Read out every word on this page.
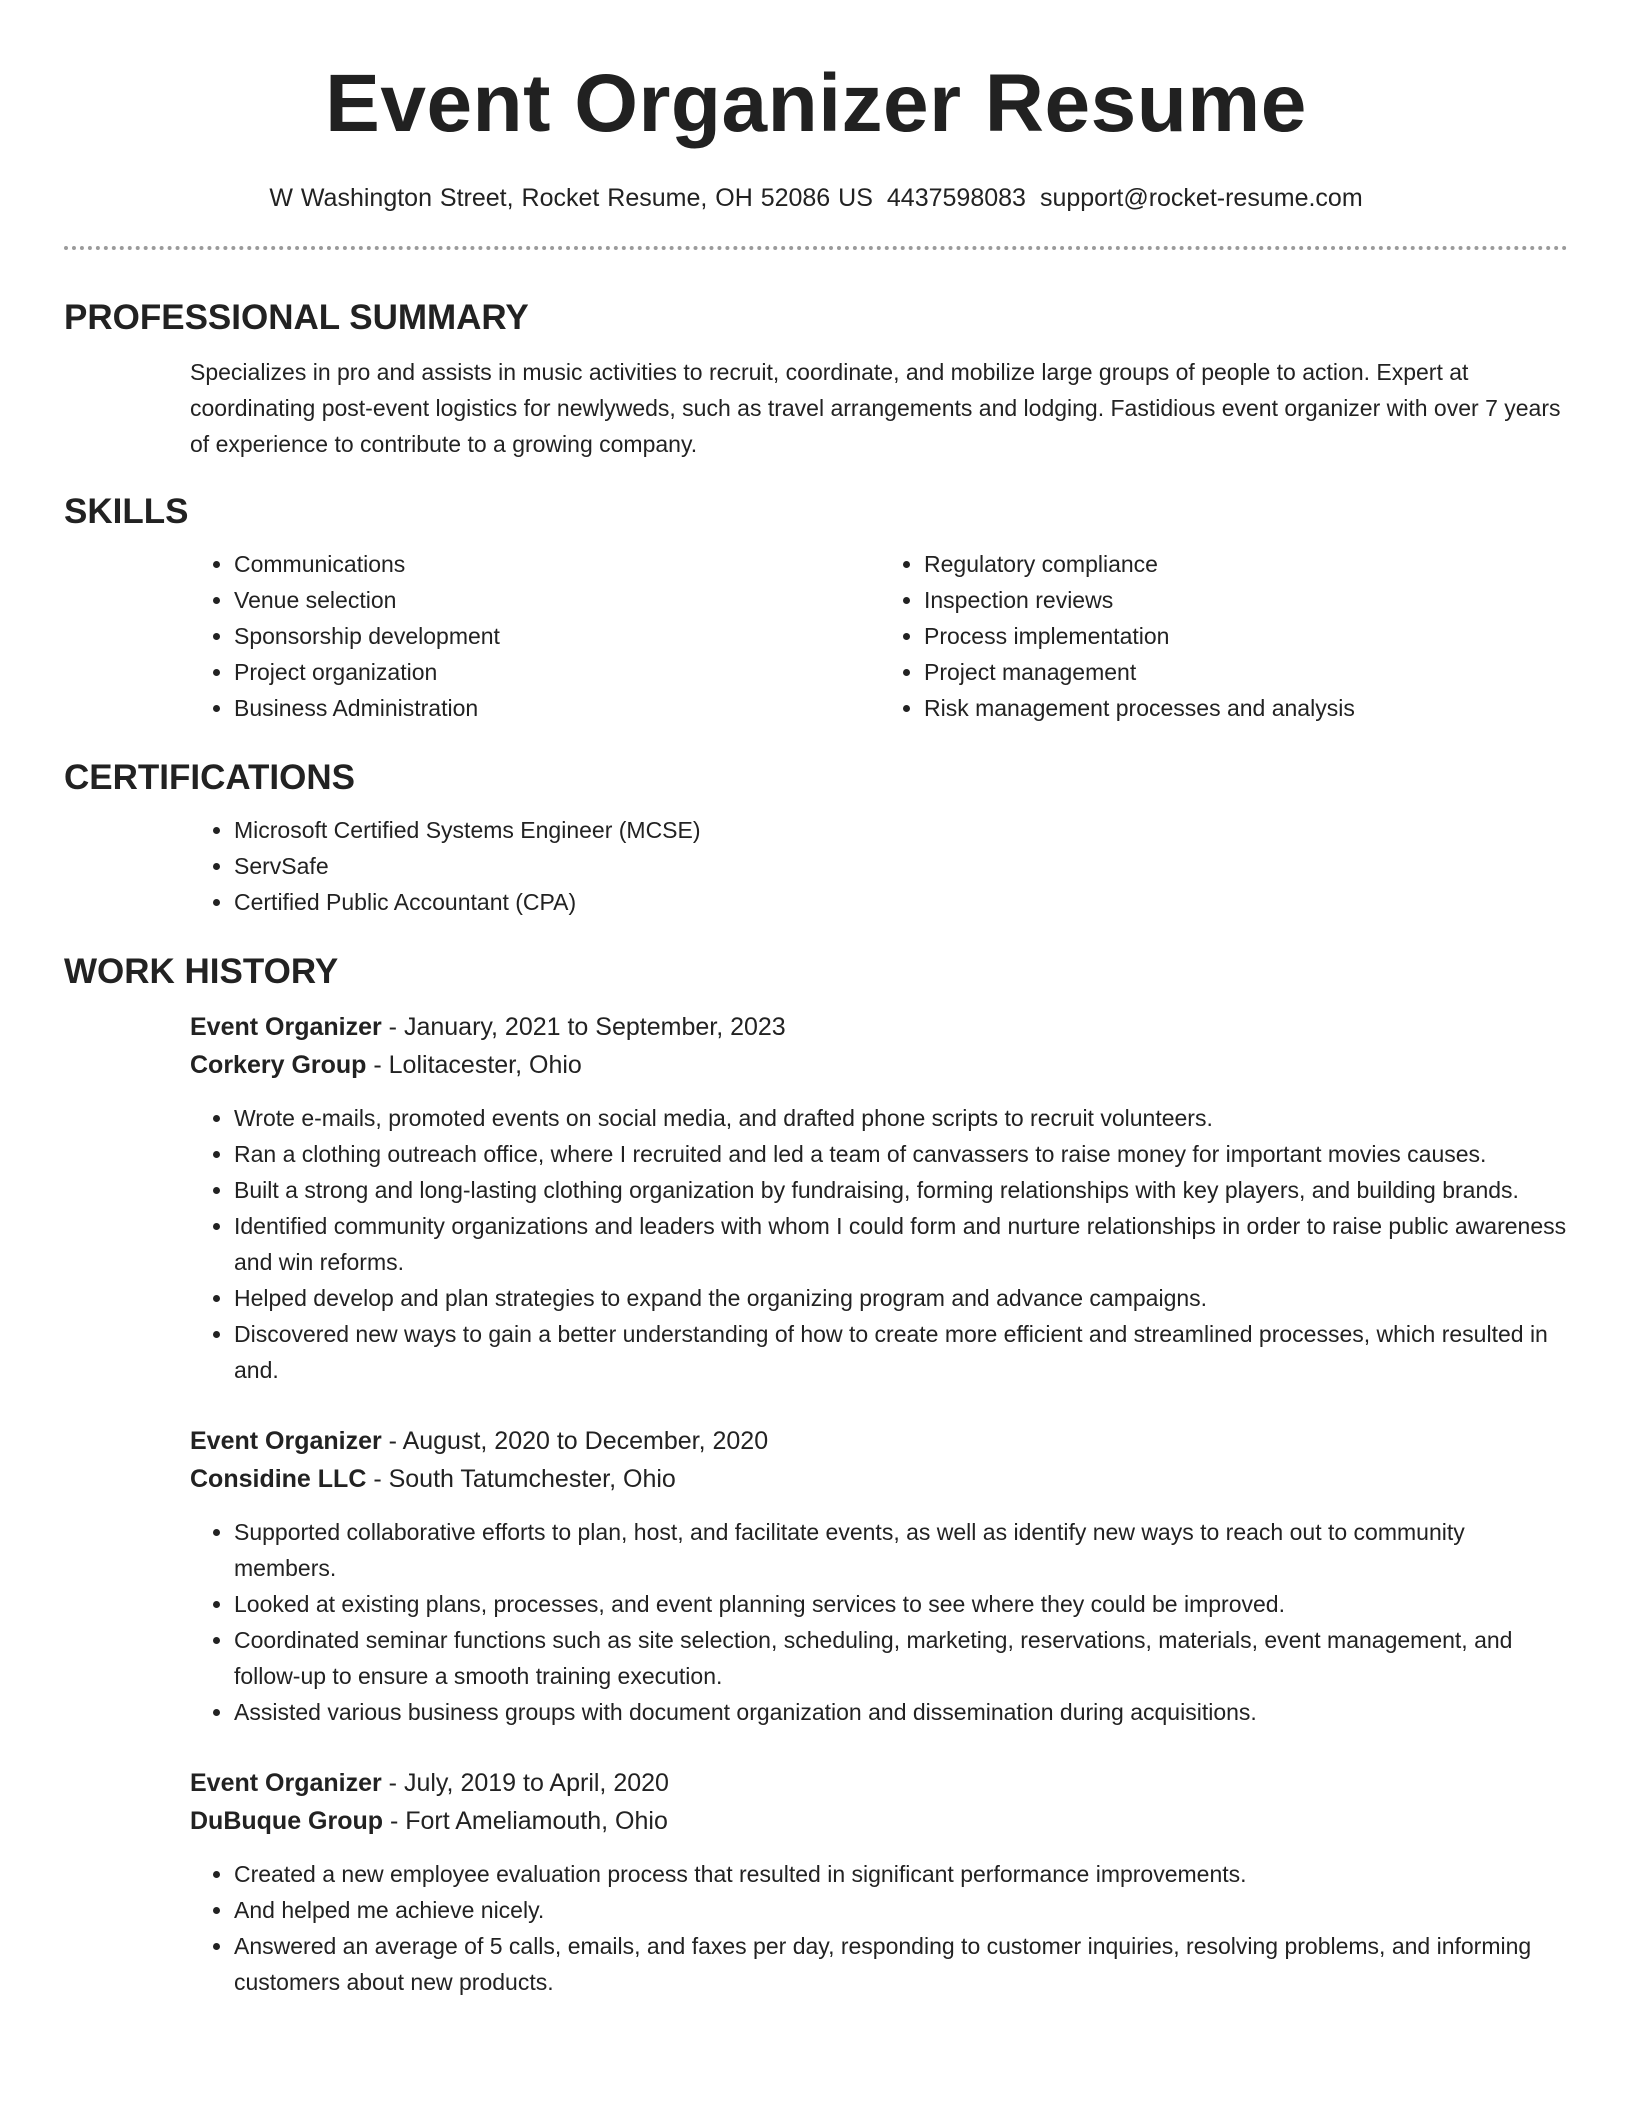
Event Organizer Resume
W Washington Street, Rocket Resume, OH 52086 US 4437598083 support@rocket-resume.com
PROFESSIONAL SUMMARY

Specializes in pro and assists in music activities to recruit, coordinate, and mobilize large groups of people to action. Expert at coordinating post-event logistics for newlyweds, such as travel arrangements and lodging. Fastidious event organizer with over 7 years of experience to contribute to a growing company.

SKILLS
• Communications
• Venue selection
• Sponsorship development
• Project organization
• Business Administration
• Regulatory compliance
• Inspection reviews
• Process implementation
• Project management
• Risk management processes and analysis
CERTIFICATIONS
• Microsoft Certified Systems Engineer (MCSE)
• ServSafe
• Certified Public Accountant (CPA)
WORK HISTORY
Event Organizer - January, 2021 to September, 2023
Corkery Group - Lolitacester, Ohio
• Wrote e-mails, promoted events on social media, and drafted phone scripts to recruit volunteers.
• Ran a clothing outreach office, where I recruited and led a team of canvassers to raise money for important movies causes.
• Built a strong and long-lasting clothing organization by fundraising, forming relationships with key players, and building brands.
• Identified community organizations and leaders with whom I could form and nurture relationships in order to raise public awareness and win reforms.
• Helped develop and plan strategies to expand the organizing program and advance campaigns.
• Discovered new ways to gain a better understanding of how to create more efficient and streamlined processes, which resulted in and.
Event Organizer - August, 2020 to December, 2020
Considine LLC - South Tatumchester, Ohio
• Supported collaborative efforts to plan, host, and facilitate events, as well as identify new ways to reach out to community members.
• Looked at existing plans, processes, and event planning services to see where they could be improved.
• Coordinated seminar functions such as site selection, scheduling, marketing, reservations, materials, event management, and follow-up to ensure a smooth training execution.
• Assisted various business groups with document organization and dissemination during acquisitions.
Event Organizer - July, 2019 to April, 2020
DuBuque Group - Fort Ameliamouth, Ohio
• Created a new employee evaluation process that resulted in significant performance improvements.
• And helped me achieve nicely.
• Answered an average of 5 calls, emails, and faxes per day, responding to customer inquiries, resolving problems, and informing customers about new products.
